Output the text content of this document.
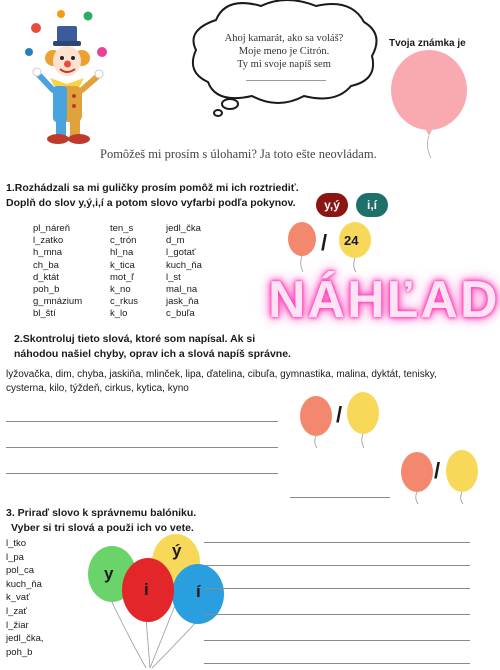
Ahoj kamarát, ako sa voláš?
Moje meno je Citrón.
Ty mi svoje napíš sem
Tvoja známka je
Pomôžeš mi prosím s úlohami? Ja toto ešte neovládam.
1.Rozhádzali sa mi guličky prosím pomôž mi ich roztriediť.
Doplň do slov y,ý,i,í a potom slovo vyfarbi podľa pokynov.
pl_náreň
l_zatko
h_mna
ch_ba
d_ktát
poh_b
g_mnázium
bl_ští
ten_s
c_trón
hl_na
k_tica
mot_ľ
k_no
c_rkus
k_lo
jedl_čka
d_m
l_gotať
kuch_ňa
l_st
mal_na
jask_ňa
c_buľa
y,ý	i,í
/ 24
NÁHĽAD
2.Skontroluj tieto slová, ktoré som napísal. Ak si
náhodou našiel chyby, oprav ich a slová napíš správne.
lyžovačka, dim, chyba, jaskiňa, mlinček, lipa, ďatelina, cibuľa, gymnastika, malina, dyktát, tenisky,
cysterna, kilo, týždeň, cirkus, kytica, kyno
/
/
3. Priraď slovo k správnemu balóniku.
Vyber si tri slová a použi ich vo vete.
l_tko
l_pa
pol_ca
kuch_ňa
k_vať
l_zať
l_žiar
jedl_čka,
poh_b
y
ý
i	í
